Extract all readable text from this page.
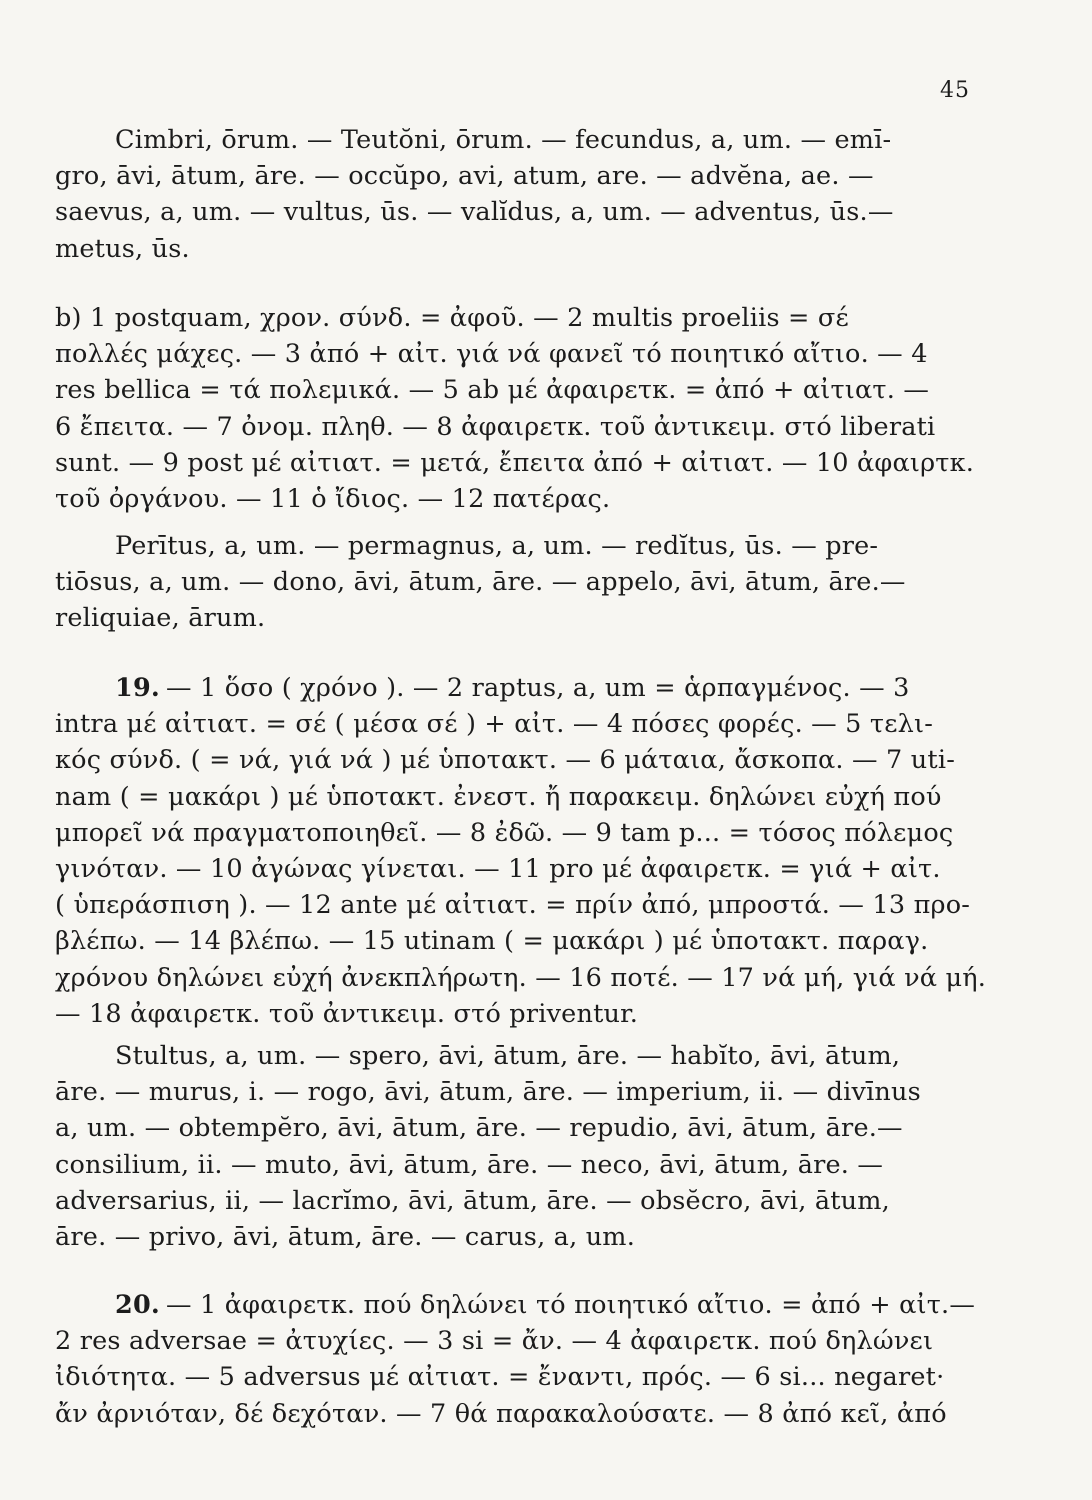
45
Cimbri, ōrum. — Teutŏni, ōrum. — fecundus, a, um. — emī-
gro, āvi, ātum, āre. — occŭpo, avi, atum, are. — advĕna, ae. —
saevus, a, um. — vultus, ūs. — valĭdus, a, um. — adventus, ūs.—
metus, ūs.
b) 1 postquam, χρον. σύνδ. = ἀφοῦ. — 2 multis proeliis = σέ
πολλές μάχες. — 3 ἀπό + αἰτ. γιά νά φανεῖ τό ποιητικό αἴτιο. — 4
res bellica = τά πολεμικά. — 5 ab μέ ἀφαιρετκ. = ἀπό + αἰτιατ. —
6 ἔπειτα. — 7 ὀνομ. πληθ. — 8 ἀφαιρετκ. τοῦ ἀντικειμ. στό liberati
sunt. — 9 post μέ αἰτιατ. = μετά, ἔπειτα ἀπό + αἰτιατ. — 10 ἀφαιρτκ.
τοῦ ὀργάνου. — 11 ὁ ἴδιος. — 12 πατέρας.
Perītus, a, um. — permagnus, a, um. — redĭtus, ūs. — pre-
tiōsus, a, um. — dono, āvi, ātum, āre. — appelo, āvi, ātum, āre.—
reliquiae, ārum.
19. — 1 ὅσο ( χρόνο ). — 2 raptus, a, um = ἁρπαγμένος. — 3
intra μέ αἰτιατ. = σέ ( μέσα σέ ) + αἰτ. — 4 πόσες φορές. — 5 τελι-
κός σύνδ. ( = νά, γιά νά ) μέ ὑποτακτ. — 6 μάταια, ἄσκοπα. — 7 uti-
nam ( = μακάρι ) μέ ὑποτακτ. ἐνεστ. ἤ παρακειμ. δηλώνει εὐχή πού
μπορεῖ νά πραγματοποιηθεῖ. — 8 ἐδῶ. — 9 tam p... = τόσος πόλεμος
γινόταν. — 10 ἀγώνας γίνεται. — 11 pro μέ ἀφαιρετκ. = γιά + αἰτ.
( ὑπεράσπιση ). — 12 ante μέ αἰτιατ. = πρίν ἀπό, μπροστά. — 13 προ-
βλέπω. — 14 βλέπω. — 15 utinam ( = μακάρι ) μέ ὑποτακτ. παραγ.
χρόνου δηλώνει εὐχή ἀνεκπλήρωτη. — 16 ποτέ. — 17 νά μή, γιά νά μή.
— 18 ἀφαιρετκ. τοῦ ἀντικειμ. στό priventur.
Stultus, a, um. — spero, āvi, ātum, āre. — habĭto, āvi, ātum,
āre. — murus, i. — rogo, āvi, ātum, āre. — imperium, ii. — divīnus
a, um. — obtempĕro, āvi, ātum, āre. — repudio, āvi, ātum, āre.—
consilium, ii. — muto, āvi, ātum, āre. — neco, āvi, ātum, āre. —
adversarius, ii, — lacrĭmo, āvi, ātum, āre. — obsĕcro, āvi, ātum,
āre. — privo, āvi, ātum, āre. — carus, a, um.
20. — 1 ἀφαιρετκ. πού δηλώνει τό ποιητικό αἴτιο. = ἀπό + αἰτ.—
2 res adversae = ἀτυχίες. — 3 si = ἄν. — 4 ἀφαιρετκ. πού δηλώνει
ἰδιότητα. — 5 adversus μέ αἰτιατ. = ἔναντι, πρός. — 6 si... negaret·
ἄν ἀρνιόταν, δέ δεχόταν. — 7 θά παρακαλούσατε. — 8 ἀπό κεῖ, ἀπό
